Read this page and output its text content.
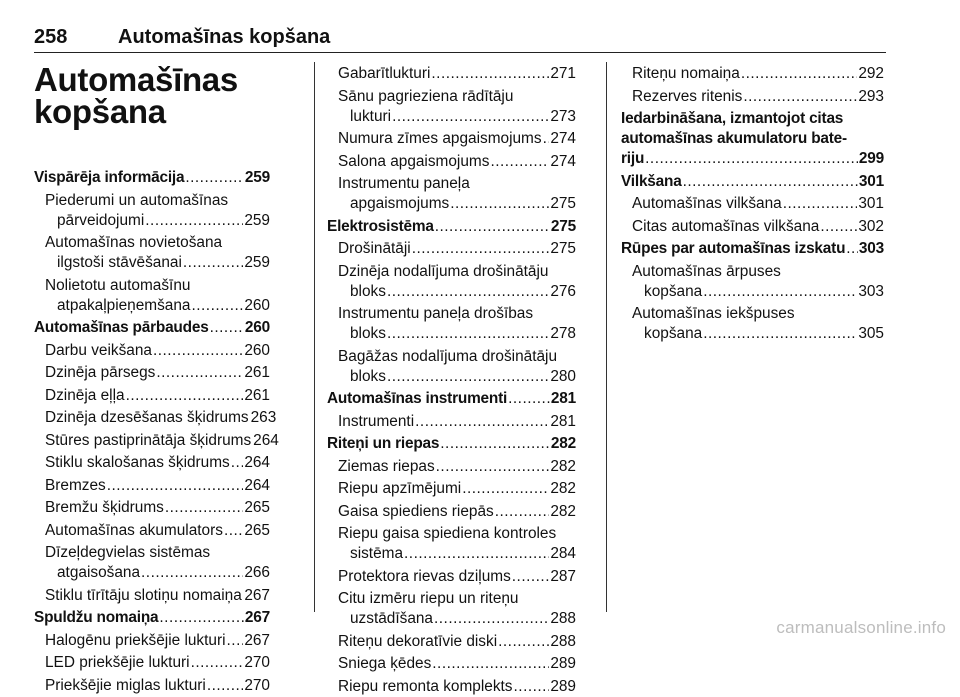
258	Automašīnas kopšana
Automašīnas
kopšana
Vispārēja informācija .....	259
Piederumi un automašīnas
pārveidojumi .....	259
Automašīnas novietošana
ilgstoši stāvēšanai .....	259
Nolietotu automašīnu
atpakaļpieņemšana .....	260
Automašīnas pārbaudes ..... 260
Darbu veikšana .....	260
Dzinēja pārsegs .....	261
Dzinēja eļļa .....	261
Dzinēja dzesēšanas šķidrums 263
Stūres pastiprinātāja šķidrums 264
Stiklu skalošanas šķidrums ..... 264
Bremzes .....	264
Bremžu šķidrums .....	265
Automašīnas akumulators ..... 265
Dīzeļdegvielas sistēmas
atgaisošana .....	266
Stiklu tīrītāju slotiņu nomaiņa ..... 267
Spuldžu nomaiņa .....	267
Halogēnu priekšējie lukturi ..... 267
LED priekšējie lukturi .....	270
Priekšējie miglas lukturi .....	270
Gabarītlukturi .....	271
Sānu pagrieziena rādītāju
lukturi .....	273
Numura zīmes apgaismojums ..... 274
Salona apgaismojums .....	274
Instrumentu paneļa
apgaismojums .....	275
Elektrosistēma .....	275
Drošinātāji .....	275
Dzinēja nodalījuma drošinātāju
bloks .....	276
Instrumentu paneļa drošības
bloks .....	278
Bagāžas nodalījuma drošinātāju
bloks .....	280
Automašīnas instrumenti .....	281
Instrumenti .....	281
Riteņi un riepas .....	282
Ziemas riepas .....	282
Riepu apzīmējumi .....	282
Gaisa spiediens riepās .....	282
Riepu gaisa spiediena kontroles
sistēma .....	284
Protektora rievas dziļums .....	287
Citu izmēru riepu un riteņu
uzstādīšana .....	288
Riteņu dekoratīvie diski .....	288
Sniega ķēdes .....	289
Riepu remonta komplekts ..... 289
Riteņu nomaiņa .....	292
Rezerves ritenis .....	293
Iedarbināšana, izmantojot citas
automašīnas akumulatoru bate-
riju .....	299
Vilkšana .....	301
Automašīnas vilkšana .....	301
Citas automašīnas vilkšana .....	302
Rūpes par automašīnas izskatu ..... 303
Automašīnas ārpuses
kopšana .....	303
Automašīnas iekšpuses
kopšana .....	305
carmanualsonline.info
